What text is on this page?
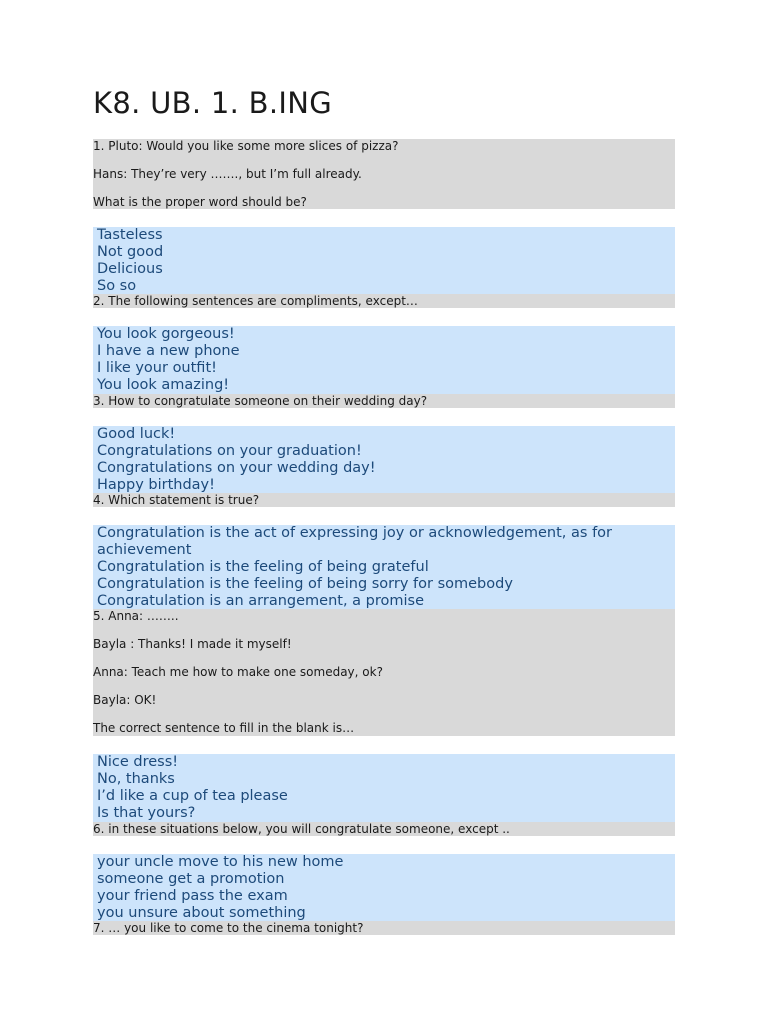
K8. UB. 1. B.ING

1. Pluto: Would you like some more slices of pizza?

Hans: They’re very ……., but I’m full already.

What is the proper word should be?

Tasteless
Not good
Delicious
So so

2. The following sentences are compliments, except…

You look gorgeous!
I have a new phone
I like your outfit!
You look amazing!

3. How to congratulate someone on their wedding day?

Good luck!
Congratulations on your graduation!
Congratulations on your wedding day!
Happy birthday!

4. Which statement is true?

Congratulation is the act of expressing joy or acknowledgement, as for achievement
Congratulation is the feeling of being grateful
Congratulation is the feeling of being sorry for somebody
Congratulation is an arrangement, a promise

5. Anna: ……..

Bayla : Thanks! I made it myself!

Anna: Teach me how to make one someday, ok?

Bayla: OK!

The correct sentence to fill in the blank is…

Nice dress!
No, thanks
I’d like a cup of tea please
Is that yours?

6. in these situations below, you will congratulate someone, except ..

your uncle move to his new home
someone get a promotion
your friend pass the exam
you unsure about something

7. … you like to come to the cinema tonight?
